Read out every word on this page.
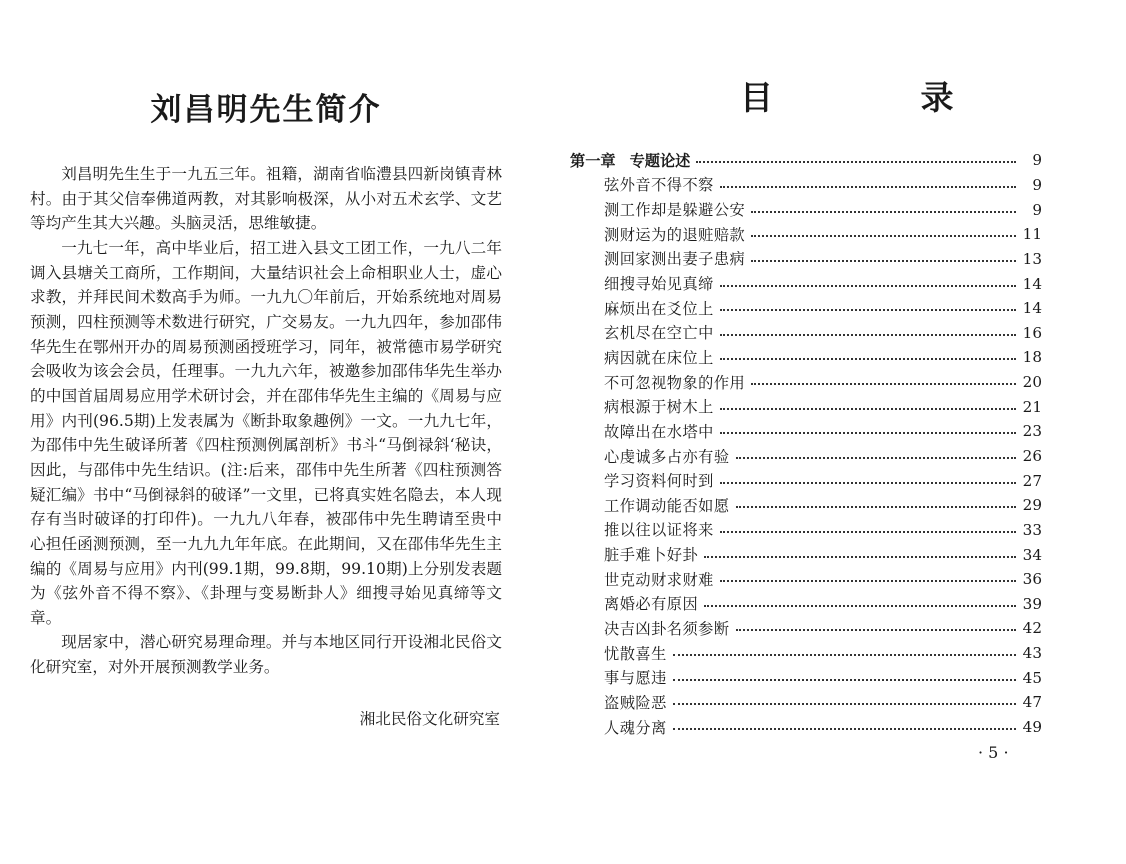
刘昌明先生简介

刘昌明先生生于一九五三年。祖籍，湖南省临澧县四新岗镇青林村。由于其父信奉佛道两教，对其影响极深，从小对五术玄学、文艺等均产生其大兴趣。头脑灵活，思维敏捷。

一九七一年，高中毕业后，招工进入县文工团工作，一九八二年调入县塘关工商所，工作期间，大量结识社会上命相职业人士，虚心求教，并拜民间术数高手为师。一九九〇年前后，开始系统地对周易预测，四柱预测等术数进行研究，广交易友。一九九四年，参加邵伟华先生在鄂州开办的周易预测函授班学习，同年，被常德市易学研究会吸收为该会会员，任理事。一九九六年，被邀参加邵伟华先生举办的中国首届周易应用学术研讨会，并在邵伟华先生主编的《周易与应用》内刊(96.5期)上发表属为《断卦取象趣例》一文。一九九七年，为邵伟中先生破译所著《四柱预测例属剖析》书斗“马倒禄斜‘秘诀，因此，与邵伟中先生结识。(注:后来，邵伟中先生所著《四柱预测答疑汇编》书中“马倒禄斜的破译”一文里，已将真实姓名隐去，本人现存有当时破译的打印件)。一九九八年春，被邵伟中先生聘请至贵中心担任函测预测，至一九九九年年底。在此期间，又在邵伟华先生主编的《周易与应用》内刊(99.1期，99.8期，99.10期)上分别发表题为《弦外音不得不察》、《卦理与变易断卦人》细搜寻始见真缔等文章。

现居家中，潜心研究易理命理。并与本地区同行开设湘北民俗文化研究室，对外开展预测教学业务。

湘北民俗文化研究室
目 录
第一章 专题论述	9
弦外音不得不察	9
测工作却是躲避公安	9
测财运为的退赃赔款	11
测回家测出妻子患病	13
细搜寻始见真缔	14
麻烦出在爻位上	14
玄机尽在空亡中	16
病因就在床位上	18
不可忽视物象的作用	20
病根源于树木上	21
故障出在水塔中	23
心虔诚多占亦有验	26
学习资料何时到	27
工作调动能否如愿	29
推以往以证将来	33
脏手难卜好卦	34
世克动财求财难	36
离婚必有原因	39
决吉凶卦名须参断	42
忧散喜生	43
事与愿违	45
盗贼险恶	47
人魂分离	49
· 5 ·
